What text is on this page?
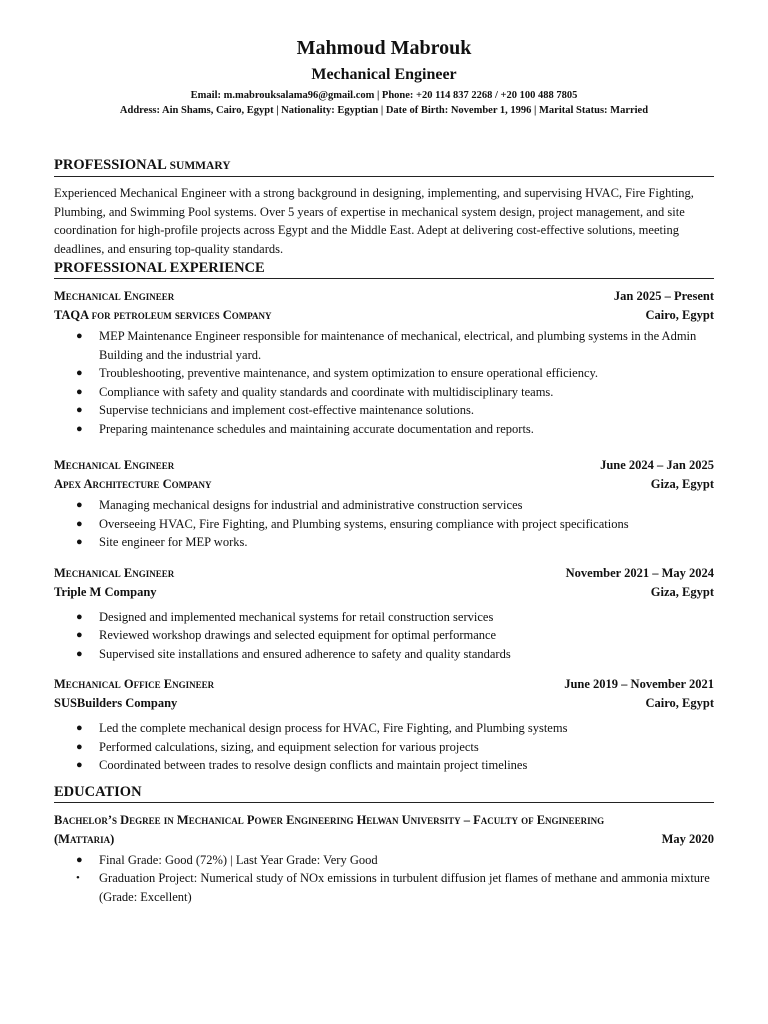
Mahmoud Mabrouk
Mechanical Engineer
Email: m.mabrouksalama96@gmail.com | Phone: +20 114 837 2268 / +20 100 488 7805
Address: Ain Shams, Cairo, Egypt | Nationality: Egyptian | Date of Birth: November 1, 1996 | Marital Status: Married
PROFESSIONAL SUMMARY
Experienced Mechanical Engineer with a strong background in designing, implementing, and supervising HVAC, Fire Fighting, Plumbing, and Swimming Pool systems. Over 5 years of expertise in mechanical system design, project management, and site coordination for high-profile projects across Egypt and the Middle East. Adept at delivering cost-effective solutions, meeting deadlines, and ensuring top-quality standards.
PROFESSIONAL EXPERIENCE
Mechanical Engineer	Jan 2025 – Present
TAQA for petroleum services Company	Cairo, Egypt
● MEP Maintenance Engineer responsible for maintenance of mechanical, electrical, and plumbing systems in the Admin Building and the industrial yard.
● Troubleshooting, preventive maintenance, and system optimization to ensure operational efficiency.
● Compliance with safety and quality standards and coordinate with multidisciplinary teams.
● Supervise technicians and implement cost-effective maintenance solutions.
● Preparing maintenance schedules and maintaining accurate documentation and reports.
Mechanical Engineer	June 2024 – Jan 2025
Apex Architecture Company	Giza, Egypt
● Managing mechanical designs for industrial and administrative construction services
● Overseeing HVAC, Fire Fighting, and Plumbing systems, ensuring compliance with project specifications
● Site engineer for MEP works.
Mechanical Engineer	November 2021 – May 2024
Triple M Company	Giza, Egypt
● Designed and implemented mechanical systems for retail construction services
● Reviewed workshop drawings and selected equipment for optimal performance
● Supervised site installations and ensured adherence to safety and quality standards
Mechanical Office Engineer	June 2019 – November 2021
SUSBuilders Company	Cairo, Egypt
● Led the complete mechanical design process for HVAC, Fire Fighting, and Plumbing systems
● Performed calculations, sizing, and equipment selection for various projects
● Coordinated between trades to resolve design conflicts and maintain project timelines
EDUCATION
Bachelor’s Degree in Mechanical Power Engineering Helwan University – Faculty of Engineering
(Mattaria)	May 2020
● Final Grade: Good (72%) | Last Year Grade: Very Good
• Graduation Project: Numerical study of NOx emissions in turbulent diffusion jet flames of methane and ammonia mixture (Grade: Excellent)
